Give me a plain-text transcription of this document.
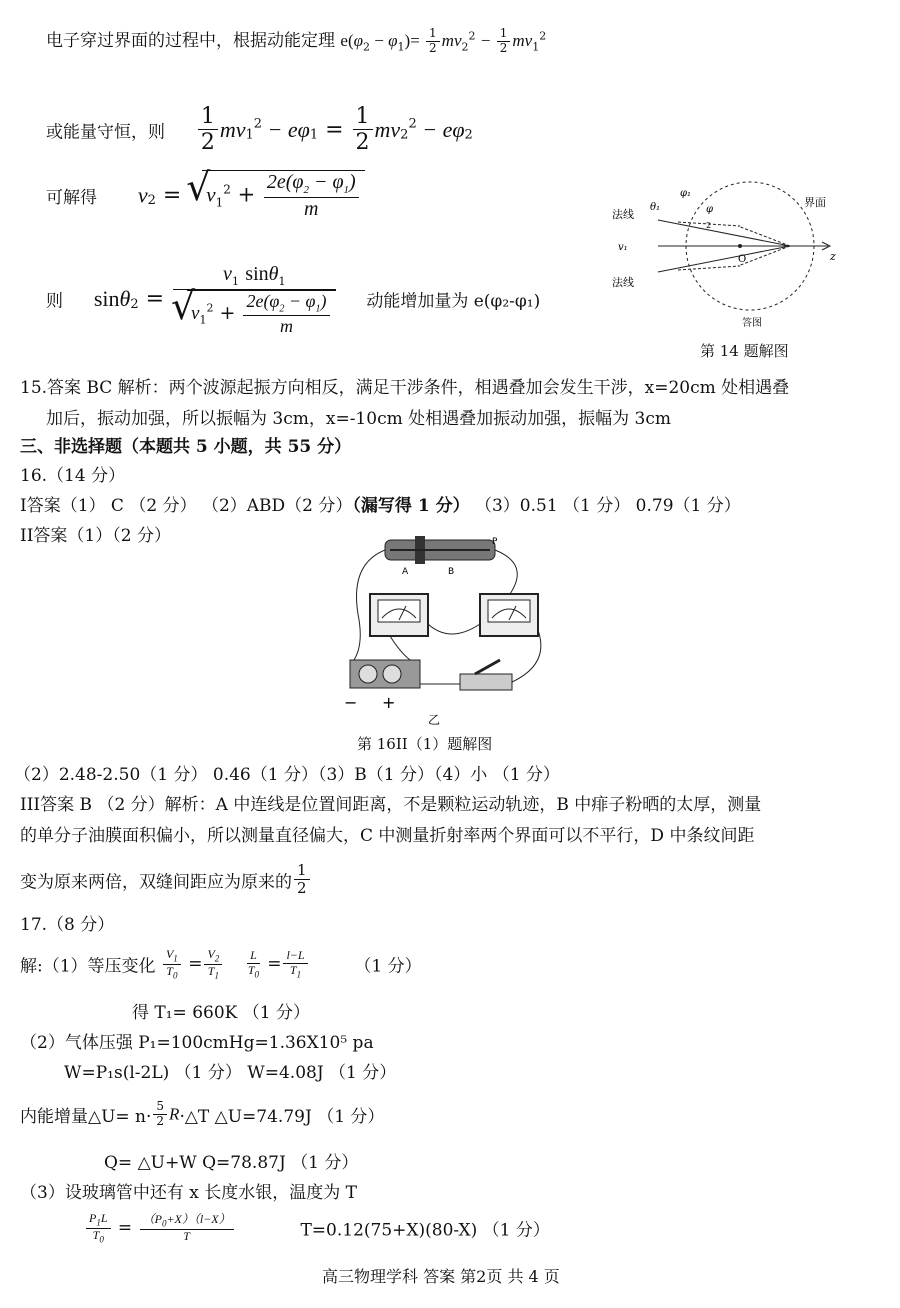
电子穿过界面的过程中，根据动能定理 $e(\varphi_2 - \varphi_1)= \frac{1}{2} mv_2^2 - \frac{1}{2} mv_1^2$
或能量守恒，则 $\frac{1}{2} mv_1^2 - e\varphi_1 = \frac{1}{2} mv_2^2 - e\varphi_2$
可解得 $v_2$ = √ $v_1^2 + \frac{2e(\varphi_2 - \varphi_1)}{m}$
则 $\sin\theta_2 = v_1$ sinθ$_1$
√ $v_1^2 + \frac{2e(\varphi_2 - \varphi_1)}{m}$ 动能增加量为 e(φ₂-φ₁)
法线
法线
θ₁
φ₁
φ
2
v₁
O	z
界面
答图
第 14 题解图
15.答案 BC 解析：两个波源起振方向相反，满足干涉条件，相遇叠加会发生干涉，x=20cm 处相遇叠
加后，振动加强，所以振幅为 3cm，x=-10cm 处相遇叠加振动加强，振幅为 3cm
三、非选择题（本题共 5 小题，共 55 分）
16.（14 分）
I答案（1） C （2 分） （2）ABD（2 分）（漏写得 1 分） （3）0.51 （1 分） 0.79（1 分）
II答案（1）（2 分）
A	B
P
− +
乙
第 16II（1）题解图
（2）2.48-2.50（1 分） 0.46（1 分）（3）B（1 分）（4）小 （1 分）
III答案 B （2 分）解析：A 中连线是位置间距离，不是颗粒运动轨迹，B 中痱子粉晒的太厚，测量
的单分子油膜面积偏小，所以测量直径偏大，C 中测量折射率两个界面可以不平行，D 中条纹间距
变为原来两倍，双缝间距应为原来的 $\frac{1}{2}$
17.（8 分）
解:（1）等压变化 $\frac{V_1}{T_0} = \frac{V_2}{T_1}$
$\frac{L}{T_0} = \frac{l-L}{T_1}$	（1 分）
得 T₁= 660K （1 分）
（2）气体压强 P₁=100cmHg=1.36X10⁵ pa
W=P₁s(l-2L) （1 分） W=4.08J （1 分）
内能增量△U= $n\cdot \frac{5}{2}$ R·△T △U=74.79J （1 分）
Q= △U+W Q=78.87J （1 分）
（3）设玻璃管中还有 x 长度水银，温度为 T
$\frac{P_1L}{T_0} = \frac{(P_0+X)(l-X)}{T}$	T=0.12(75+X)(80-X) （1 分）
高三物理学科 答案 第2页 共 4 页
